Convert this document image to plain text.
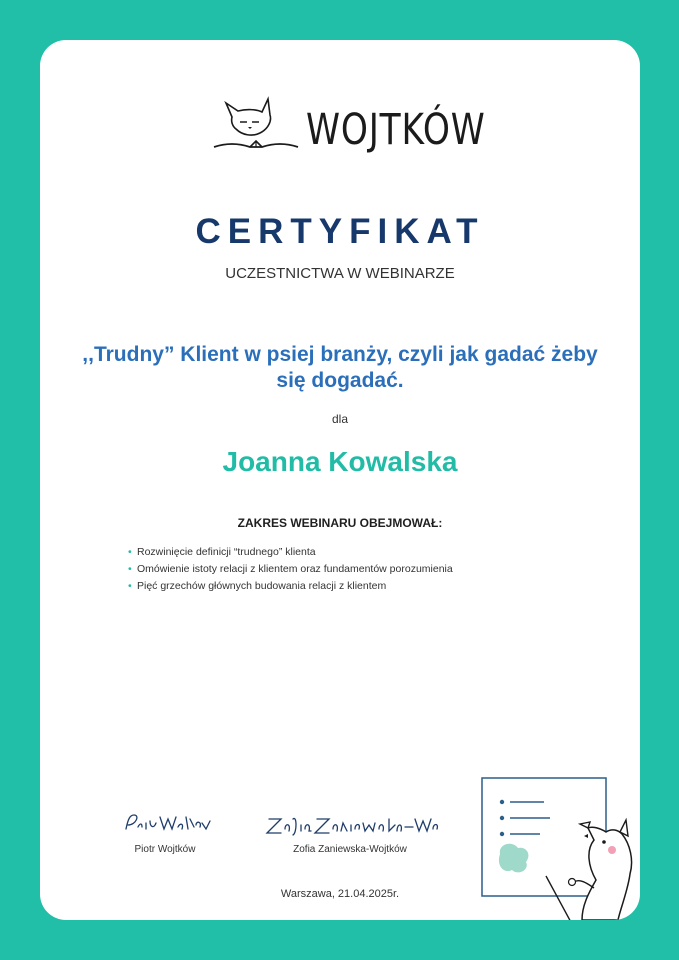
WOJTKÓW
CERTYFIKAT
UCZESTNICTWA W WEBINARZE
,,Trudny” Klient w psiej branży, czyli jak gadać żeby się dogadać.
dla
Joanna Kowalska
ZAKRES WEBINARU OBEJMOWAŁ:
• Rozwinięcie definicji “trudnego” klienta
• Omówienie istoty relacji z klientem oraz fundamentów porozumienia
• Pięć grzechów głównych budowania relacji z klientem
Piotr Wojtków	Zofia Zaniewska-Wojtków
Warszawa, 21.04.2025r.
